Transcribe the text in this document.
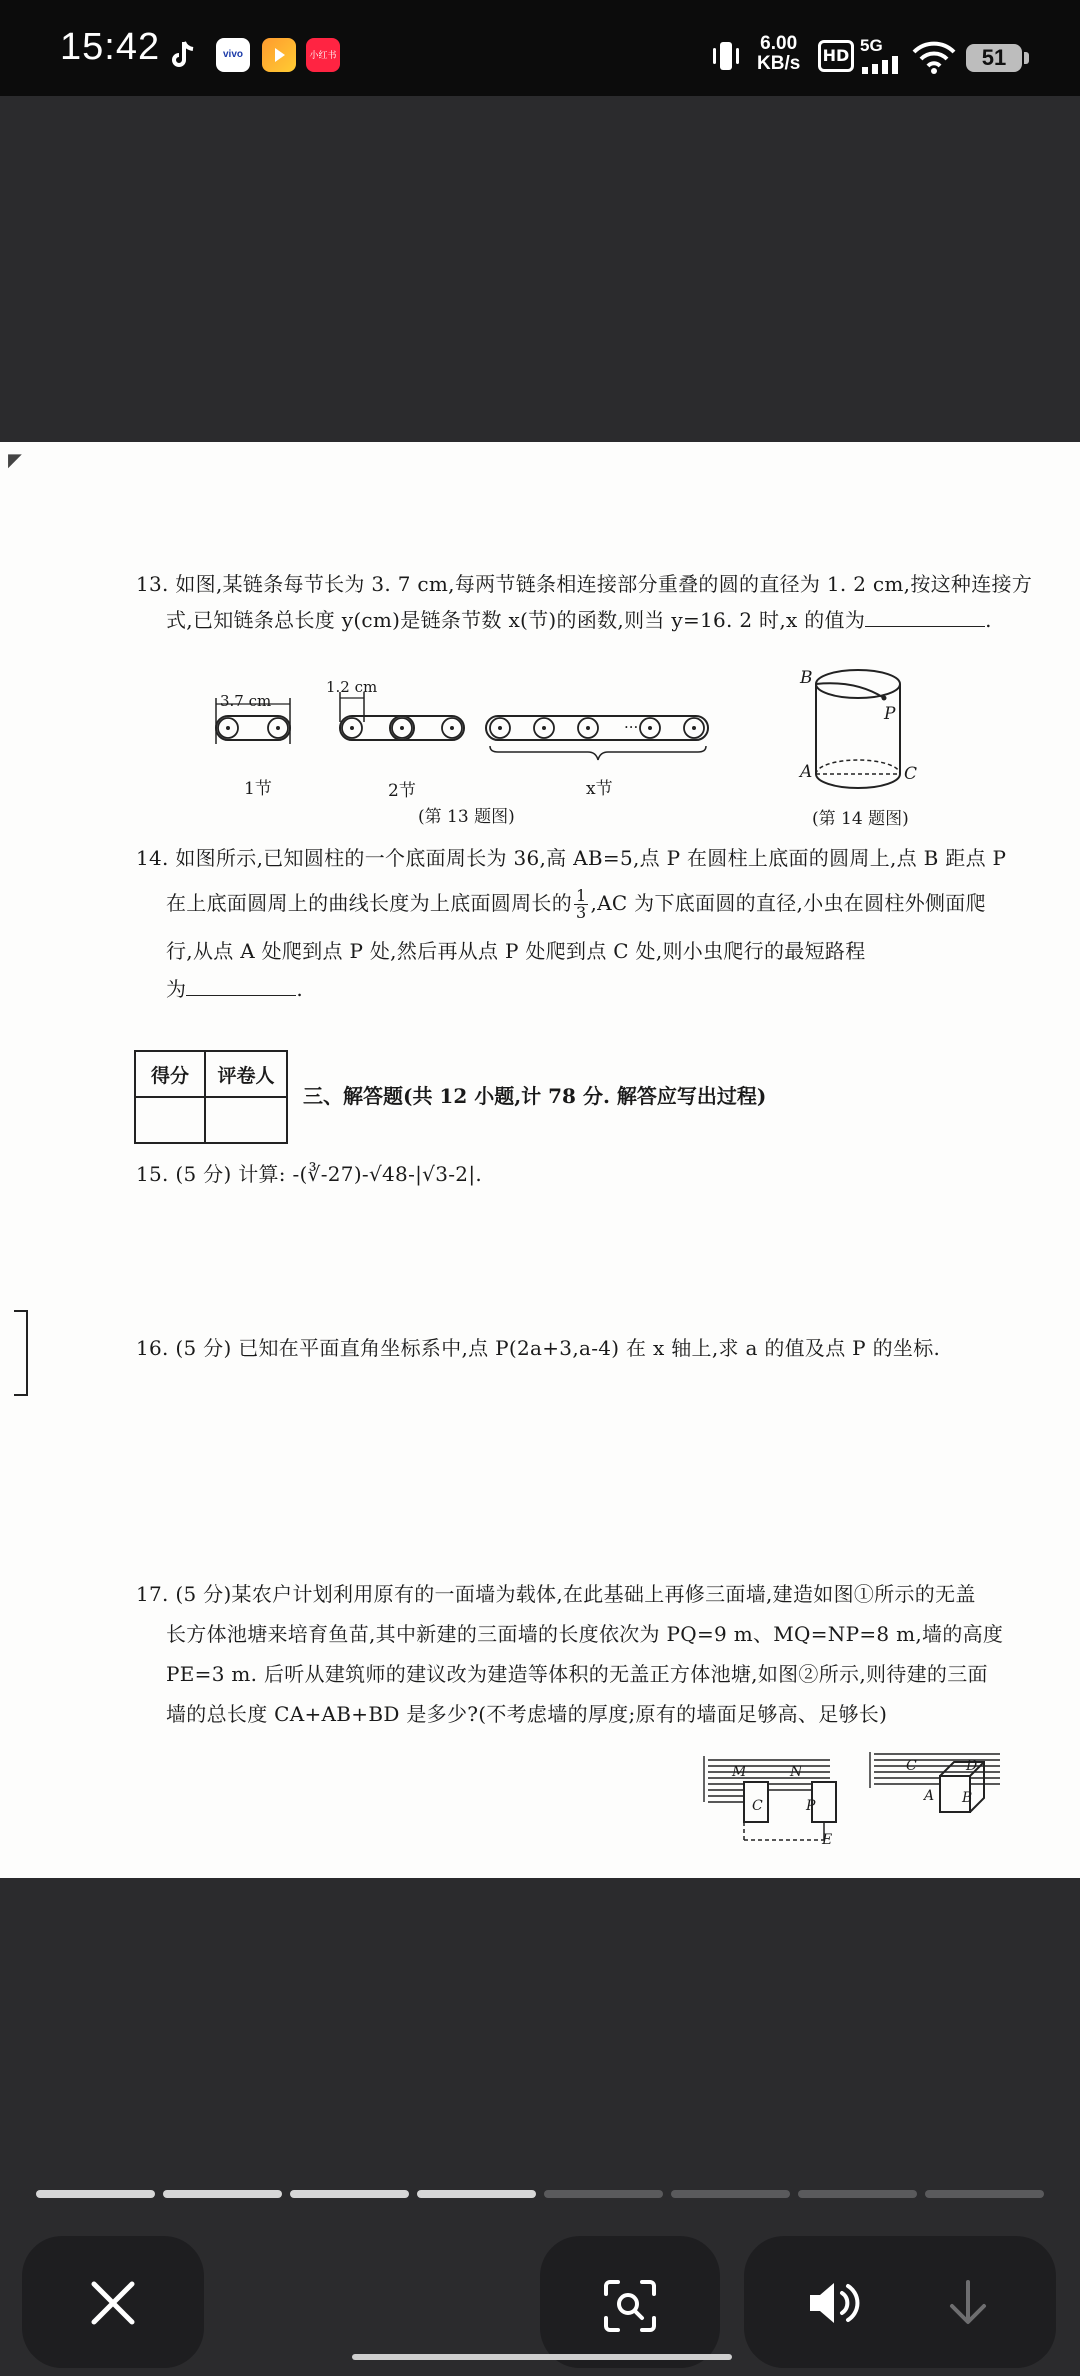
15:42	vivo	小红书
6.00
KB/s HD
5G	51
◤
13. 如图,某链条每节长为 3. 7 cm,每两节链条相连接部分重叠的圆的直径为 1. 2 cm,按这种连接方
式,已知链条总长度 y(cm)是链条节数 x(节)的函数,则当 y=16. 2 时,x 的值为	.
3.7 cm
1.2 cm
···
1节	2节	x节
(第 13 题图)
B
P
A	C
(第 14 题图)
14. 如图所示,已知圆柱的一个底面周长为 36,高 AB=5,点 P 在圆柱上底面的圆周上,点 B 距点 P
在上底面圆周上的曲线长度为上底面圆周长的 $\frac{1}{3} ,AC$ 为下底面圆的直径,小虫在圆柱外侧面爬
行,从点 A 处爬到点 P 处,然后再从点 P 处爬到点 C 处,则小虫爬行的最短路程
为	.
得分	评卷人

三、解答题(共 12 小题,计 78 分. 解答应写出过程)
15. (5 分) 计算: -(∛-27)-√48-|√3-2|.
16. (5 分) 已知在平面直角坐标系中,点 P(2a+3,a-4) 在 x 轴上,求 a 的值及点 P 的坐标.
17. (5 分)某农户计划利用原有的一面墙为载体,在此基础上再修三面墙,建造如图①所示的无盖
长方体池塘来培育鱼苗,其中新建的三面墙的长度依次为 PQ=9 m、MQ=NP=8 m,墙的高度
PE=3 m. 后听从建筑师的建议改为建造等体积的无盖正方体池塘,如图②所示,则待建的三面
墙的总长度 CA+AB+BD 是多少?(不考虑墙的厚度;原有的墙面足够高、足够长)
M	N
C	P
E
C	D
A B
